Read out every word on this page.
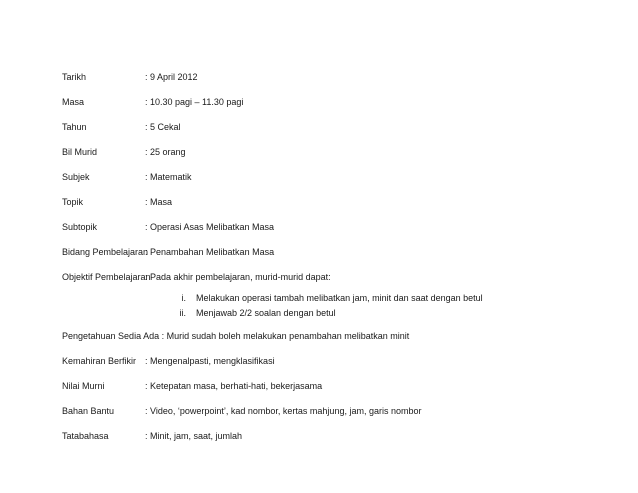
Tarikh	: 9 April 2012
Masa	: 10.30 pagi – 11.30 pagi
Tahun	: 5 Cekal
Bil Murid	: 25 orang
Subjek	: Matematik
Topik	: Masa
Subtopik	: Operasi Asas Melibatkan Masa
Bidang Pembelajaran
: Penambahan Melibatkan Masa
Objektif Pembelajaran
: Pada akhir pembelajaran, murid-murid dapat:
i. Melakukan operasi tambah melibatkan jam, minit dan saat dengan betul
ii. Menjawab 2/2 soalan dengan betul
Pengetahuan Sedia Ada : Murid sudah boleh melakukan penambahan melibatkan minit
Kemahiran Berfikir : Mengenalpasti, mengklasifikasi
Nilai Murni	: Ketepatan masa, berhati-hati, bekerjasama
Bahan Bantu	: Video, ‘powerpoint’, kad nombor, kertas mahjung, jam, garis nombor
Tatabahasa	: Minit, jam, saat, jumlah
